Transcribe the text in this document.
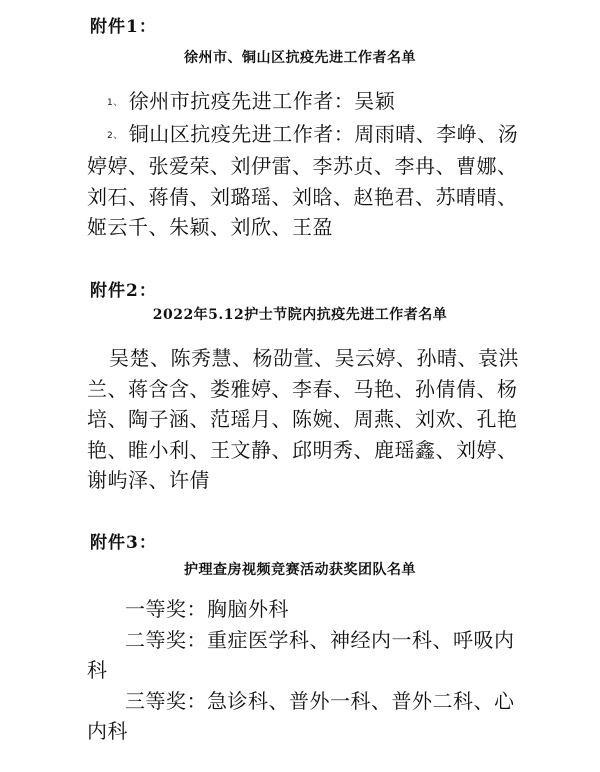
附件1：
徐州市、铜山区抗疫先进工作者名单
1、 徐州市抗疫先进工作者：吴颖
2、 铜山区抗疫先进工作者：周雨晴、李峥、汤婷婷、张爱荣、刘伊雷、李苏贞、李冉、曹娜、刘石、蒋倩、刘璐瑶、刘晗、赵艳君、苏晴晴、姬云千、朱颖、刘欣、王盈
附件2：
2022年5.12护士节院内抗疫先进工作者名单
吴楚、陈秀慧、杨劭萱、吴云婷、孙晴、袁洪兰、蒋含含、娄雅婷、李春、马艳、孙倩倩、杨培、陶子涵、范瑶月、陈婉、周燕、刘欢、孔艳艳、睢小利、王文静、邱明秀、鹿瑶鑫、刘婷、谢屿泽、许倩
附件3：
护理查房视频竞赛活动获奖团队名单
一等奖：胸脑外科
二等奖：重症医学科、神经内一科、呼吸内科
三等奖：急诊科、普外一科、普外二科、心内科
